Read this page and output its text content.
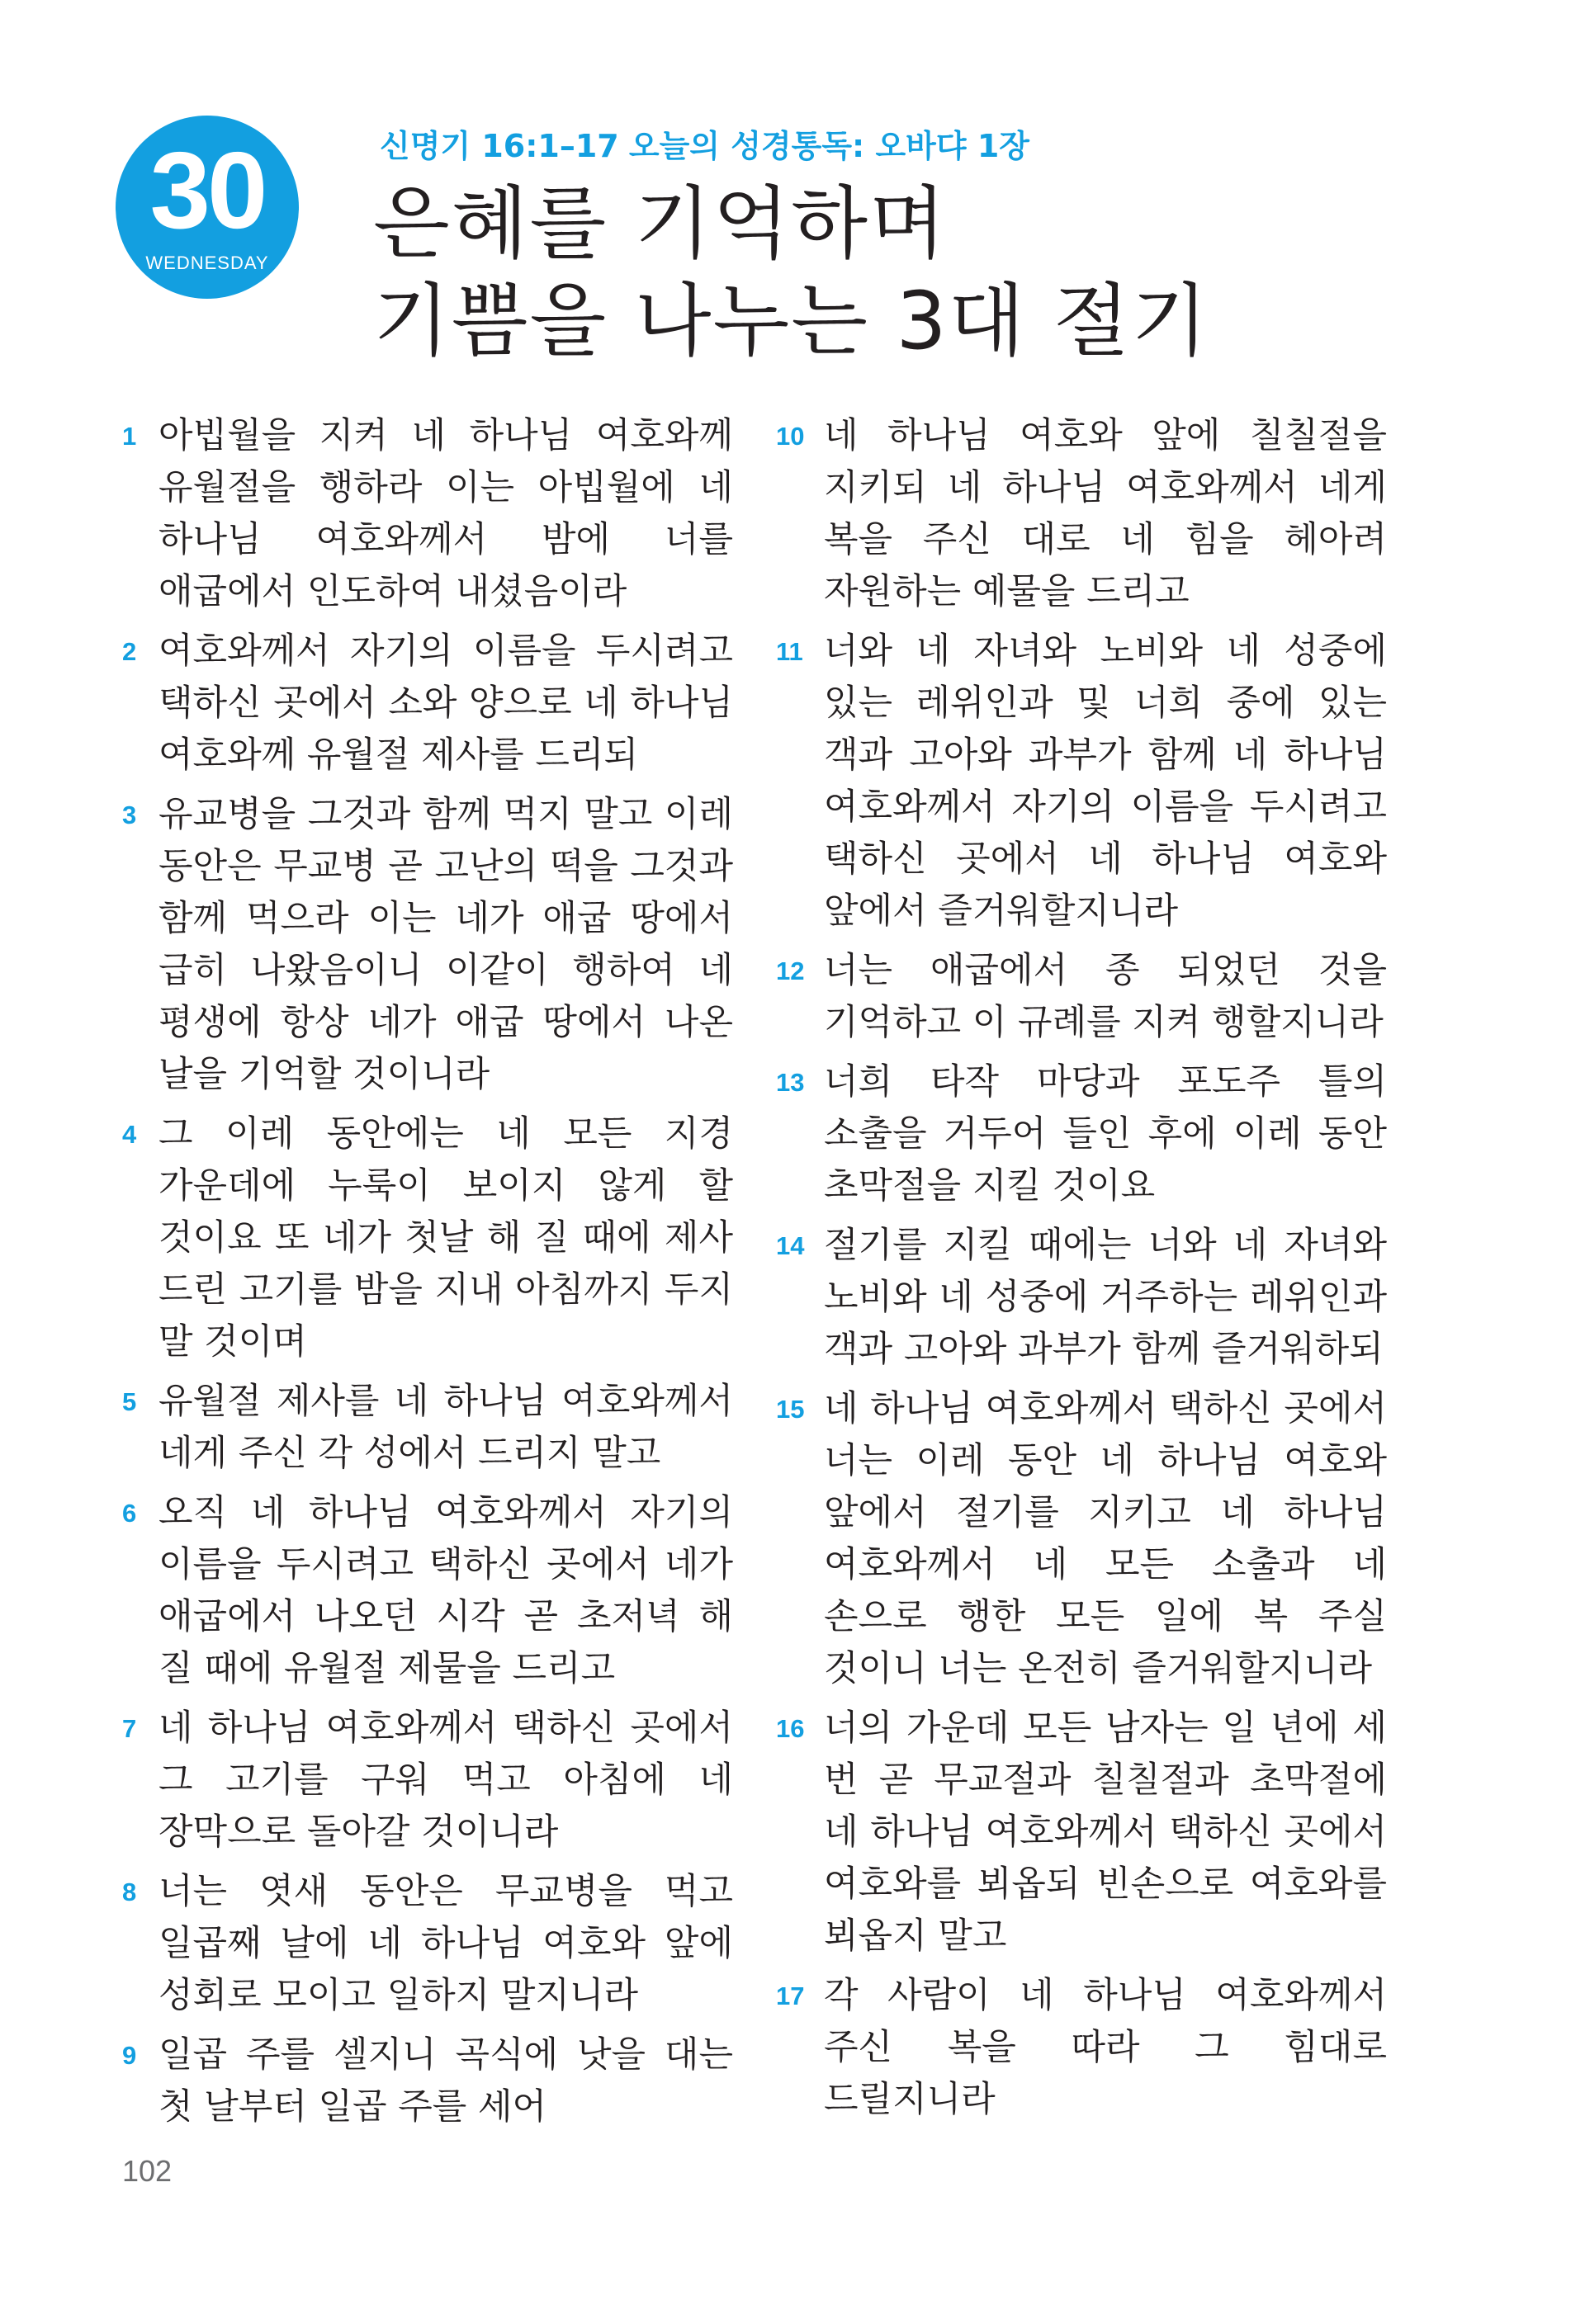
30
WEDNESDAY
신명기 16:1–17 오늘의 성경통독: 오바댜 1장
은혜를 기억하며
기쁨을 나누는 3대 절기
1 아빕월을 지켜 네 하나님 여호와께 유월절을 행하라 이는 아빕월에 네 하나님 여호와께서 밤에 너를 애굽에서 인도하여 내셨음이라
2 여호와께서 자기의 이름을 두시려고 택하신 곳에서 소와 양으로 네 하나님 여호와께 유월절 제사를 드리되
3 유교병을 그것과 함께 먹지 말고 이레 동안은 무교병 곧 고난의 떡을 그것과 함께 먹으라 이는 네가 애굽 땅에서 급히 나왔음이니 이같이 행하여 네 평생에 항상 네가 애굽 땅에서 나온 날을 기억할 것이니라
4 그 이레 동안에는 네 모든 지경 가운데에 누룩이 보이지 않게 할 것이요 또 네가 첫날 해 질 때에 제사 드린 고기를 밤을 지내 아침까지 두지 말 것이며
5 유월절 제사를 네 하나님 여호와께서 네게 주신 각 성에서 드리지 말고
6 오직 네 하나님 여호와께서 자기의 이름을 두시려고 택하신 곳에서 네가 애굽에서 나오던 시각 곧 초저녁 해 질 때에 유월절 제물을 드리고
7 네 하나님 여호와께서 택하신 곳에서 그 고기를 구워 먹고 아침에 네 장막으로 돌아갈 것이니라
8 너는 엿새 동안은 무교병을 먹고 일곱째 날에 네 하나님 여호와 앞에 성회로 모이고 일하지 말지니라
9 일곱 주를 셀지니 곡식에 낫을 대는 첫 날부터 일곱 주를 세어
10 네 하나님 여호와 앞에 칠칠절을 지키되 네 하나님 여호와께서 네게 복을 주신 대로 네 힘을 헤아려 자원하는 예물을 드리고
11 너와 네 자녀와 노비와 네 성중에 있는 레위인과 및 너희 중에 있는 객과 고아와 과부가 함께 네 하나님 여호와께서 자기의 이름을 두시려고 택하신 곳에서 네 하나님 여호와 앞에서 즐거워할지니라
12 너는 애굽에서 종 되었던 것을 기억하고 이 규례를 지켜 행할지니라
13 너희 타작 마당과 포도주 틀의 소출을 거두어 들인 후에 이레 동안 초막절을 지킬 것이요
14 절기를 지킬 때에는 너와 네 자녀와 노비와 네 성중에 거주하는 레위인과 객과 고아와 과부가 함께 즐거워하되
15 네 하나님 여호와께서 택하신 곳에서 너는 이레 동안 네 하나님 여호와 앞에서 절기를 지키고 네 하나님 여호와께서 네 모든 소출과 네 손으로 행한 모든 일에 복 주실 것이니 너는 온전히 즐거워할지니라
16 너의 가운데 모든 남자는 일 년에 세 번 곧 무교절과 칠칠절과 초막절에 네 하나님 여호와께서 택하신 곳에서 여호와를 뵈옵되 빈손으로 여호와를 뵈옵지 말고
17 각 사람이 네 하나님 여호와께서 주신 복을 따라 그 힘대로 드릴지니라
102
